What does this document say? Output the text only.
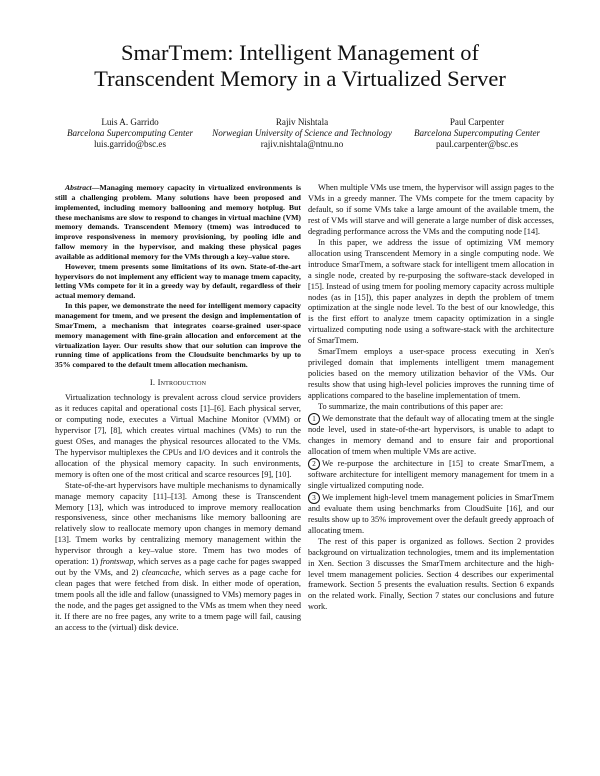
SmarTmem: Intelligent Management of
Transcendent Memory in a Virtualized Server
Luis A. Garrido
Barcelona Supercomputing Center
luis.garrido@bsc.es
Rajiv Nishtala
Norwegian University of Science and Technology
rajiv.nishtala@ntnu.no
Paul Carpenter
Barcelona Supercomputing Center
paul.carpenter@bsc.es

Abstract—Managing memory capacity in virtualized environments is still a challenging problem. Many solutions have been proposed and implemented, including memory ballooning and memory hotplug. But these mechanisms are slow to respond to changes in virtual machine (VM) memory demands. Transcendent Memory (tmem) was introduced to improve responsiveness in memory provisioning, by pooling idle and fallow memory in the hypervisor, and making these physical pages available as additional memory for the VMs through a key–value store.

However, tmem presents some limitations of its own. State-of-the-art hypervisors do not implement any efficient way to manage tmem capacity, letting VMs compete for it in a greedy way by default, regardless of their actual memory demand.

In this paper, we demonstrate the need for intelligent memory capacity management for tmem, and we present the design and implementation of SmarTmem, a mechanism that integrates coarse-grained user-space memory management with fine-grain allocation and enforcement at the virtualization layer. Our results show that our solution can improve the running time of applications from the Cloudsuite benchmarks by up to 35% compared to the default tmem allocation mechanism.

I. Introduction

Virtualization technology is prevalent across cloud service providers as it reduces capital and operational costs [1]–[6]. Each physical server, or computing node, executes a Virtual Machine Monitor (VMM) or hypervisor [7], [8], which creates virtual machines (VMs) to run the guest OSes, and manages the physical resources allocated to the VMs. The hypervisor multiplexes the CPUs and I/O devices and it controls the allocation of the physical memory capacity. In such environments, memory is often one of the most critical and scarce resources [9], [10].

State-of-the-art hypervisors have multiple mechanisms to dynamically manage memory capacity [11]–[13]. Among these is Transcendent Memory [13], which was introduced to improve memory reallocation responsiveness, since other mechanisms like memory ballooning are relatively slow to reallocate memory upon changes in memory demand [13]. Tmem works by centralizing memory management within the hypervisor through a key–value store. Tmem has two modes of operation: 1) frontswap, which serves as a page cache for pages swapped out by the VMs, and 2) cleancache, which serves as a page cache for clean pages that were fetched from disk. In either mode of operation, tmem pools all the idle and fallow (unassigned to VMs) memory pages in the node, and the pages get assigned to the VMs as tmem when they need it. If there are no free pages, any write to a tmem page will fail, causing an access to the (virtual) disk device.

When multiple VMs use tmem, the hypervisor will assign pages to the VMs in a greedy manner. The VMs compete for the tmem capacity by default, so if some VMs take a large amount of the available tmem, the rest of VMs will starve and will generate a large number of disk accesses, degrading performance across the VMs and the computing node [14].

In this paper, we address the issue of optimizing VM memory allocation using Transcendent Memory in a single computing node. We introduce SmarTmem, a software stack for intelligent tmem allocation in a single node, created by re-purposing the software-stack developed in [15]. Instead of using tmem for pooling memory capacity across multiple nodes (as in [15]), this paper analyzes in depth the problem of tmem optimization at the single node level. To the best of our knowledge, this is the first effort to analyze tmem capacity optimization in a single virtualized computing node using a software-stack with the architecture of SmarTmem.

SmarTmem employs a user-space process executing in Xen's privileged domain that implements intelligent tmem management policies based on the memory utilization behavior of the VMs. Our results show that using high-level policies improves the running time of applications compared to the baseline implementation of tmem.

To summarize, the main contributions of this paper are:

1 We demonstrate that the default way of allocating tmem at the single node level, used in state-of-the-art hypervisors, is unable to adapt to changes in memory demand and to ensure fair and proportional allocation of tmem when multiple VMs are active.

2 We re-purpose the architecture in [15] to create SmarTmem, a software architecture for intelligent memory management for tmem in a single virtualized computing node.

3 We implement high-level tmem management policies in SmarTmem and evaluate them using benchmarks from CloudSuite [16], and our results show up to 35% improvement over the default greedy approach of allocating tmem.

The rest of this paper is organized as follows. Section 2 provides background on virtualization technologies, tmem and its implementation in Xen. Section 3 discusses the SmarTmem architecture and the high-level tmem management policies. Section 4 describes our experimental framework. Section 5 presents the evaluation results. Section 6 expands on the related work. Finally, Section 7 states our conclusions and future work.
